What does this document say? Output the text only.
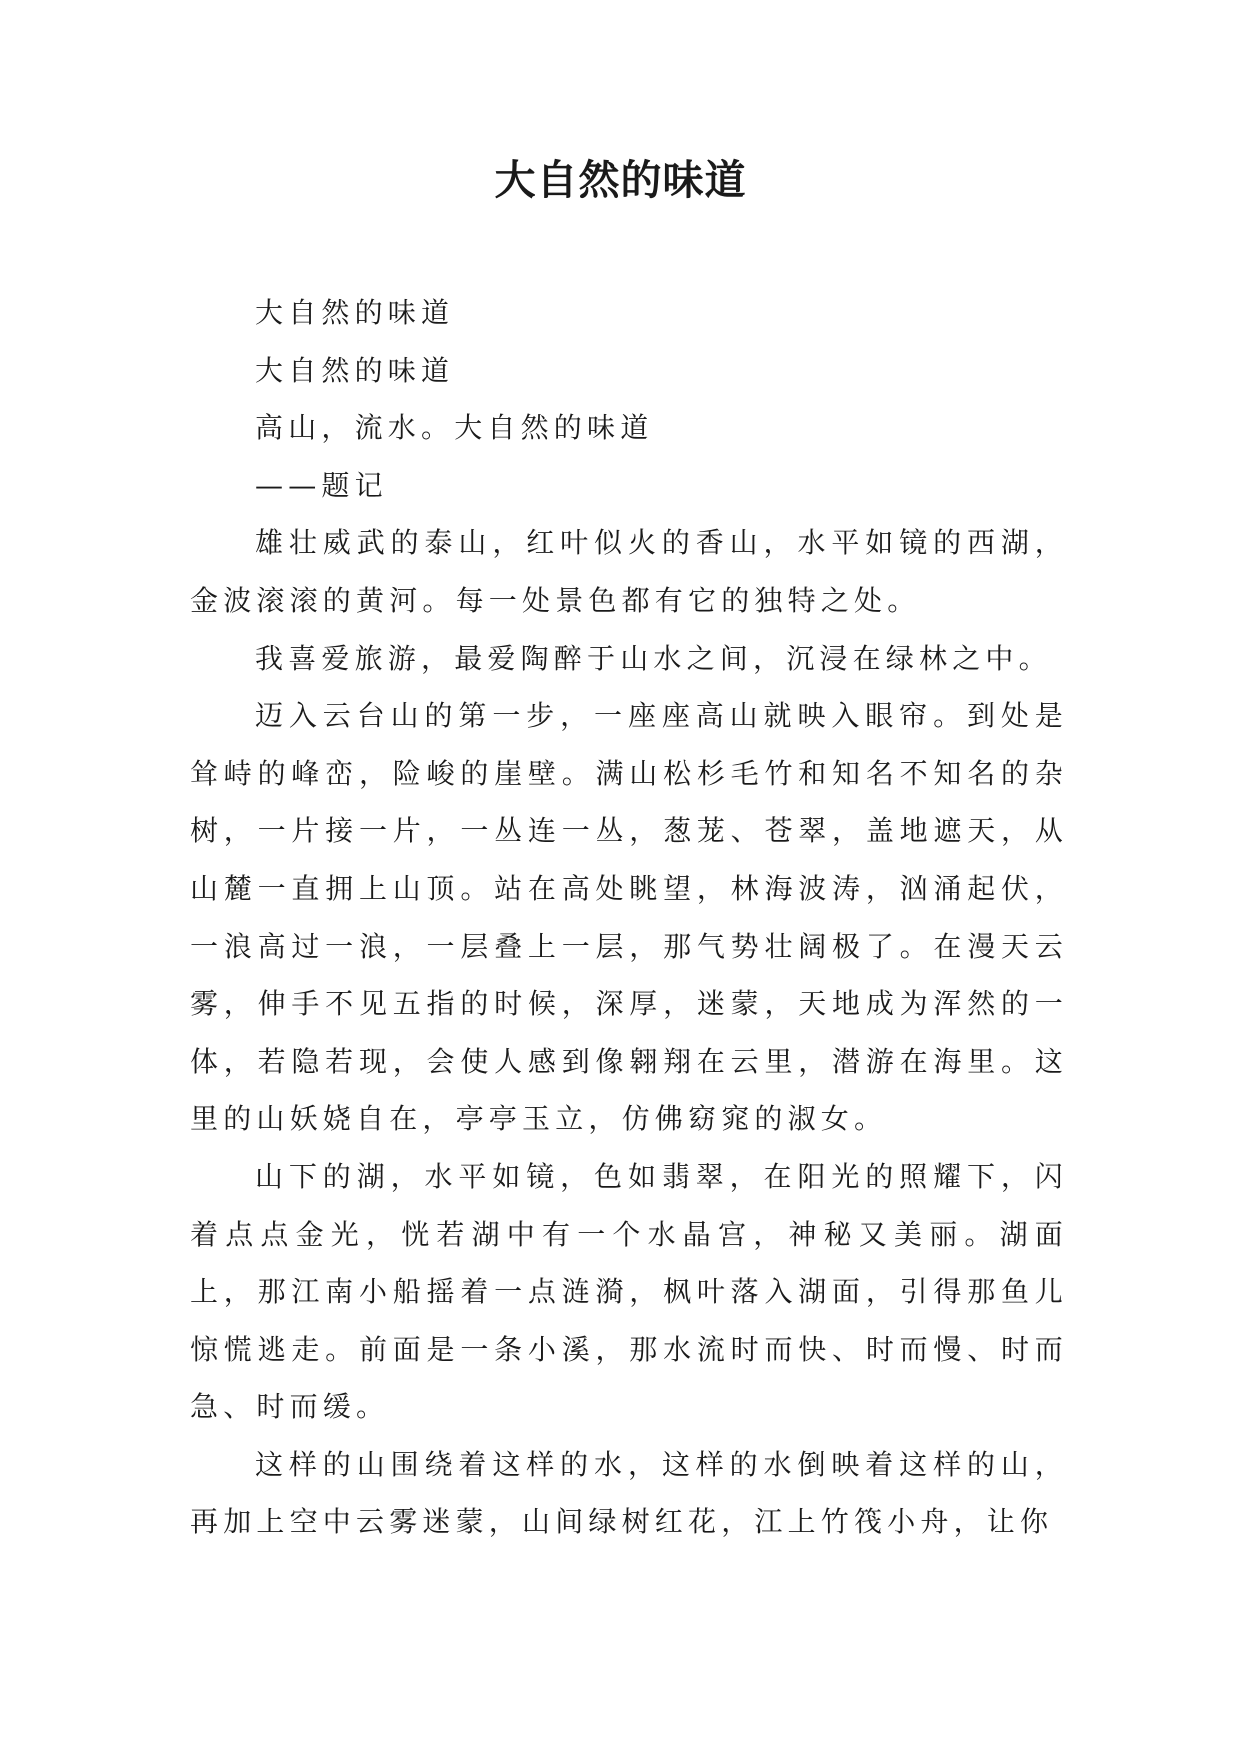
大自然的味道

大自然的味道

大自然的味道

高山，流水。大自然的味道

——题记

雄壮威武的泰山，红叶似火的香山，水平如镜的西湖，金波滚滚的黄河。每一处景色都有它的独特之处。

我喜爱旅游，最爱陶醉于山水之间，沉浸在绿林之中。

迈入云台山的第一步，一座座高山就映入眼帘。到处是耸峙的峰峦，险峻的崖壁。满山松杉毛竹和知名不知名的杂树，一片接一片，一丛连一丛，葱茏、苍翠，盖地遮天，从山麓一直拥上山顶。站在高处眺望，林海波涛，汹涌起伏，一浪高过一浪，一层叠上一层，那气势壮阔极了。在漫天云雾，伸手不见五指的时候，深厚，迷蒙，天地成为浑然的一体，若隐若现，会使人感到像翱翔在云里，潜游在海里。这里的山妖娆自在，亭亭玉立，仿佛窈窕的淑女。

山下的湖，水平如镜，色如翡翠，在阳光的照耀下，闪着点点金光，恍若湖中有一个水晶宫，神秘又美丽。湖面上，那江南小船摇着一点涟漪，枫叶落入湖面，引得那鱼儿惊慌逃走。前面是一条小溪，那水流时而快、时而慢、时而急、时而缓。

这样的山围绕着这样的水，这样的水倒映着这样的山，再加上空中云雾迷蒙，山间绿树红花，江上竹筏小舟，让你
